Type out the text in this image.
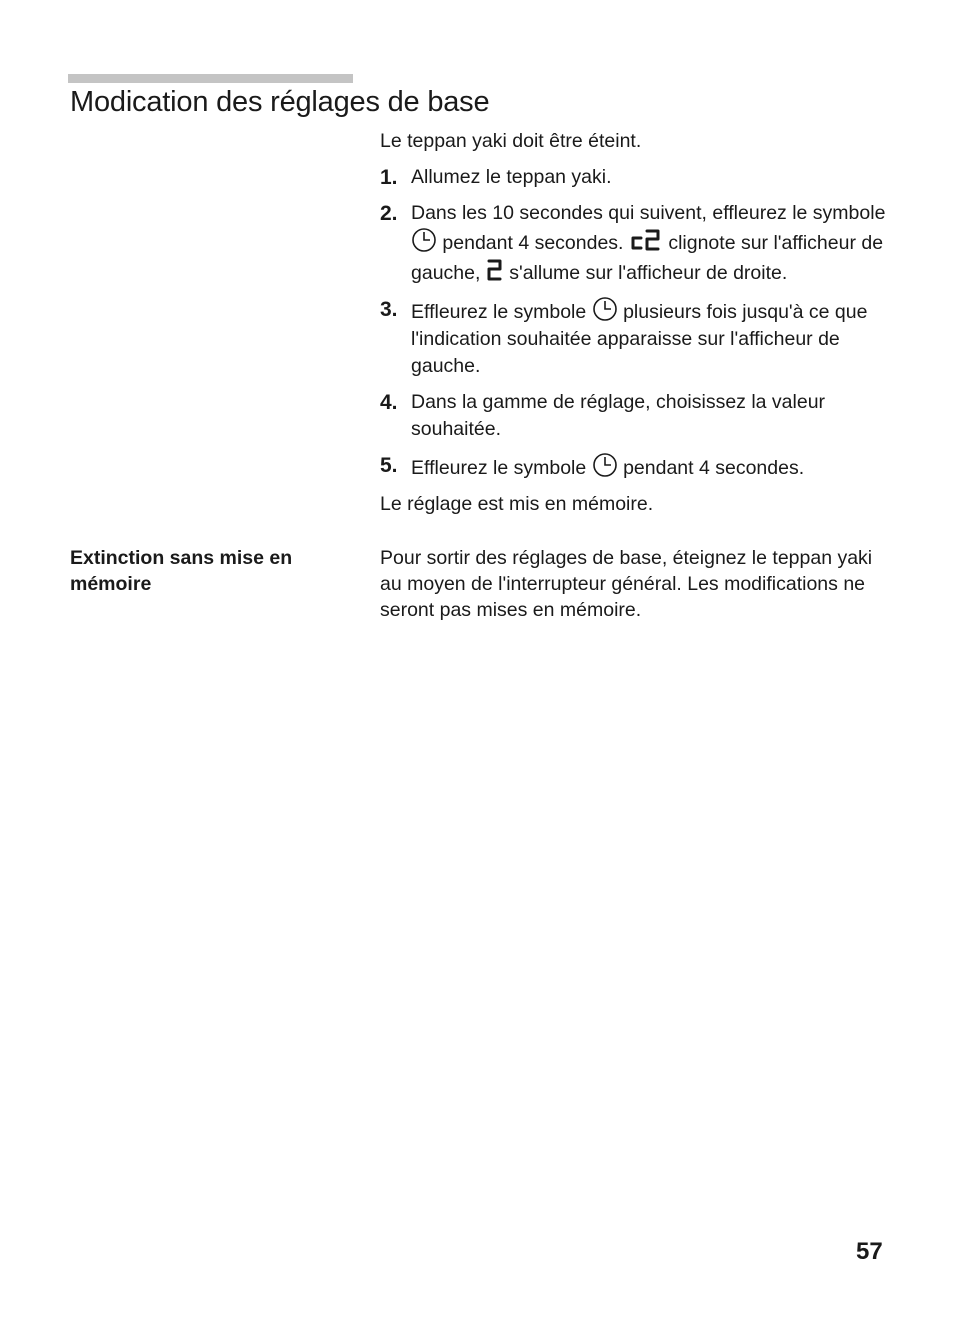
Modication des réglages de base

Le teppan yaki doit être éteint.

1. Allumez le teppan yaki.
2. Dans les 10 secondes qui suivent, effleurez le symbole  pendant 4 secondes.  clignote sur l'afficheur de gauche,  s'allume sur l'afficheur de droite.
3. Effleurez le symbole  plusieurs fois jusqu'à ce que l'indication souhaitée apparaisse sur l'afficheur de gauche.
4. Dans la gamme de réglage, choisissez la valeur souhaitée.
5. Effleurez le symbole  pendant 4 secondes.

Le réglage est mis en mémoire.

Extinction sans mise en mémoire
Pour sortir des réglages de base, éteignez le teppan yaki au moyen de l'interrupteur général. Les modifications ne seront pas mises en mémoire.
57
